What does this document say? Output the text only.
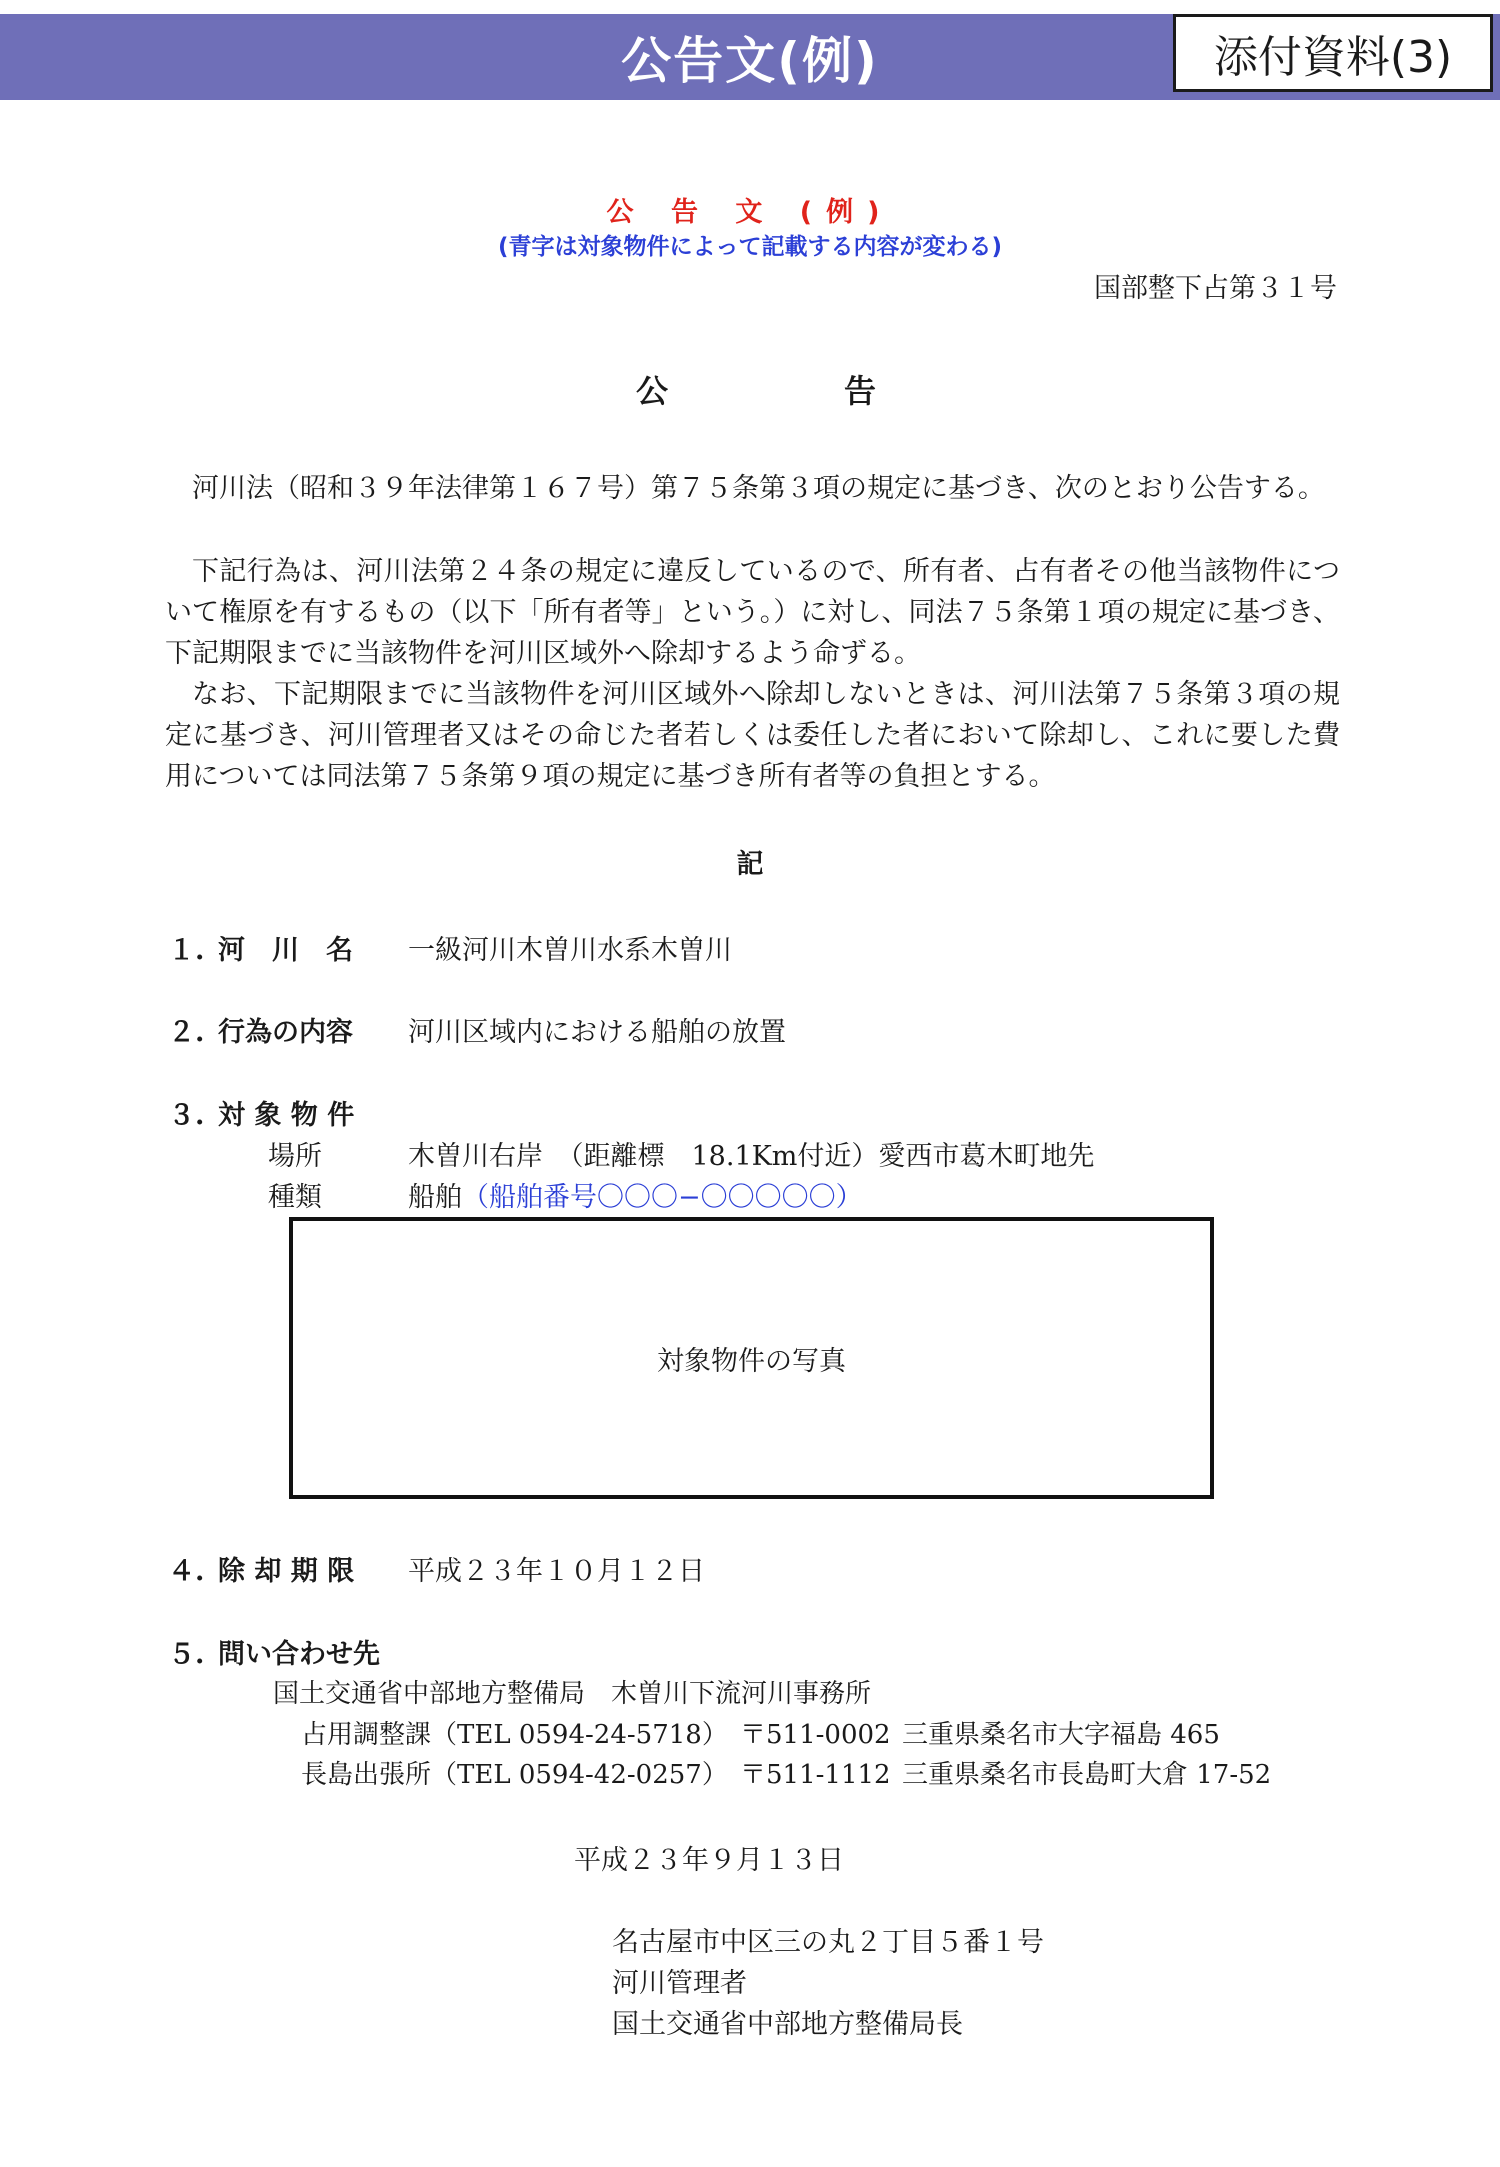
公告文(例)	添付資料(3)
公 告 文 (例)
(青字は対象物件によって記載する内容が変わる)
国部整下占第３１号
公	告
河川法（昭和３９年法律第１６７号）第７５条第３項の規定に基づき、次のとおり公告する。
下記行為は、河川法第２４条の規定に違反しているので、所有者、占有者その他当該物件について権原を有するもの（以下「所有者等」という。）に対し、同法７５条第１項の規定に基づき、下記期限までに当該物件を河川区域外へ除却するよう命ずる。
なお、下記期限までに当該物件を河川区域外へ除却しないときは、河川法第７５条第３項の規定に基づき、河川管理者又はその命じた者若しくは委任した者において除却し、これに要した費用については同法第７５条第９項の規定に基づき所有者等の負担とする。
記
１. 河　川　名 一級河川木曽川水系木曽川
２. 行為の内容 河川区域内における船舶の放置
３. 対 象 物 件
場所	木曽川右岸　（距離標　18.1Km付近）愛西市葛木町地先
種類	船舶（船舶番号〇〇〇−〇〇〇〇〇）
対象物件の写真
４. 除 却 期 限 平成２３年１０月１２日
５. 問い合わせ先
国土交通省中部地方整備局　木曽川下流河川事務所
占用調整課（TEL 0594-24-5718） 〒511-0002 三重県桑名市大字福島 465
長島出張所（TEL 0594-42-0257） 〒511-1112 三重県桑名市長島町大倉 17-52
平成２３年９月１３日
名古屋市中区三の丸２丁目５番１号
河川管理者
国土交通省中部地方整備局長
